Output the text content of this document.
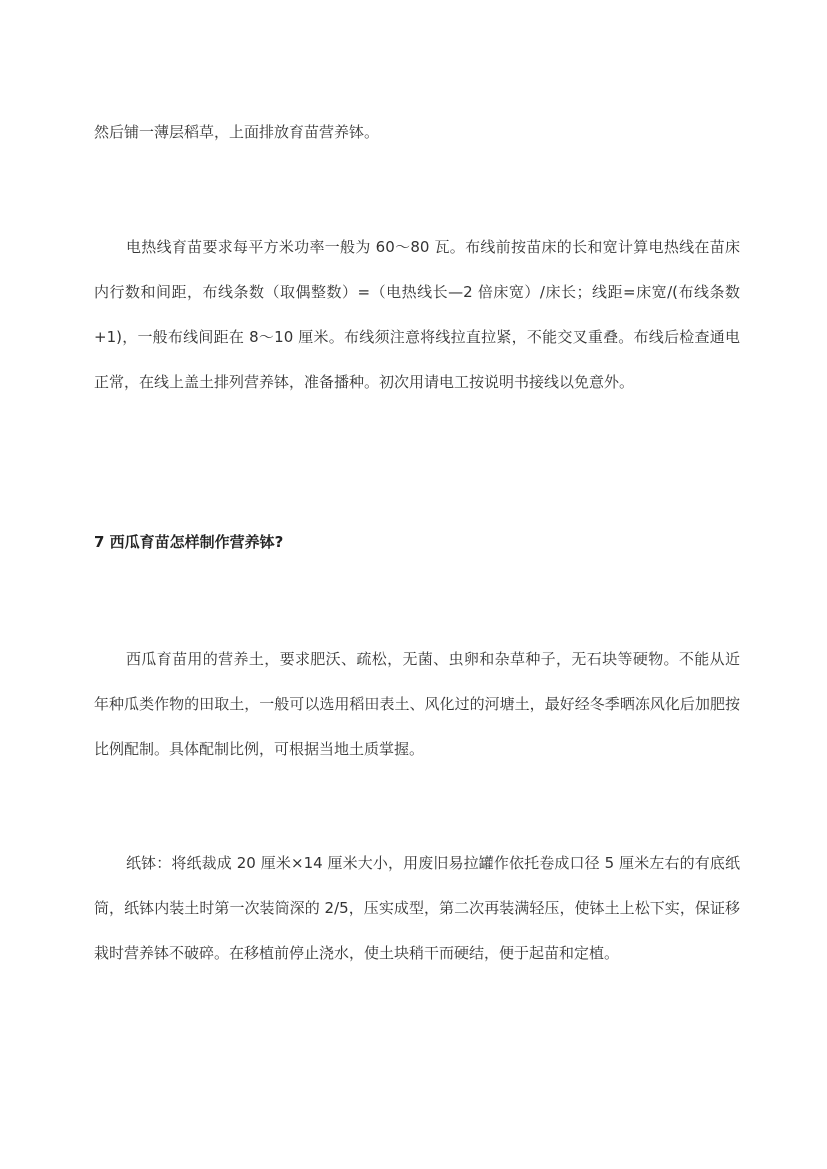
然后铺一薄层稻草，上面排放育苗营养钵。

电热线育苗要求每平方米功率一般为 60～80 瓦。布线前按苗床的长和宽计算电热线在苗床内行数和间距，布线条数（取偶整数）=（电热线长—2 倍床宽）/床长；线距=床宽/(布线条数+1)，一般布线间距在 8～10 厘米。布线须注意将线拉直拉紧，不能交叉重叠。布线后检查通电正常，在线上盖土排列营养钵，准备播种。初次用请电工按说明书接线以免意外。

7 西瓜育苗怎样制作营养钵?

西瓜育苗用的营养土，要求肥沃、疏松，无菌、虫卵和杂草种子，无石块等硬物。不能从近年种瓜类作物的田取土，一般可以选用稻田表土、风化过的河塘土，最好经冬季晒冻风化后加肥按比例配制。具体配制比例，可根据当地土质掌握。

纸钵：将纸裁成 20 厘米×14 厘米大小，用废旧易拉罐作依托卷成口径 5 厘米左右的有底纸筒，纸钵内装土时第一次装筒深的 2/5，压实成型，第二次再装满轻压，使钵土上松下实，保证移栽时营养钵不破碎。在移植前停止浇水，使土块稍干而硬结，便于起苗和定植。
